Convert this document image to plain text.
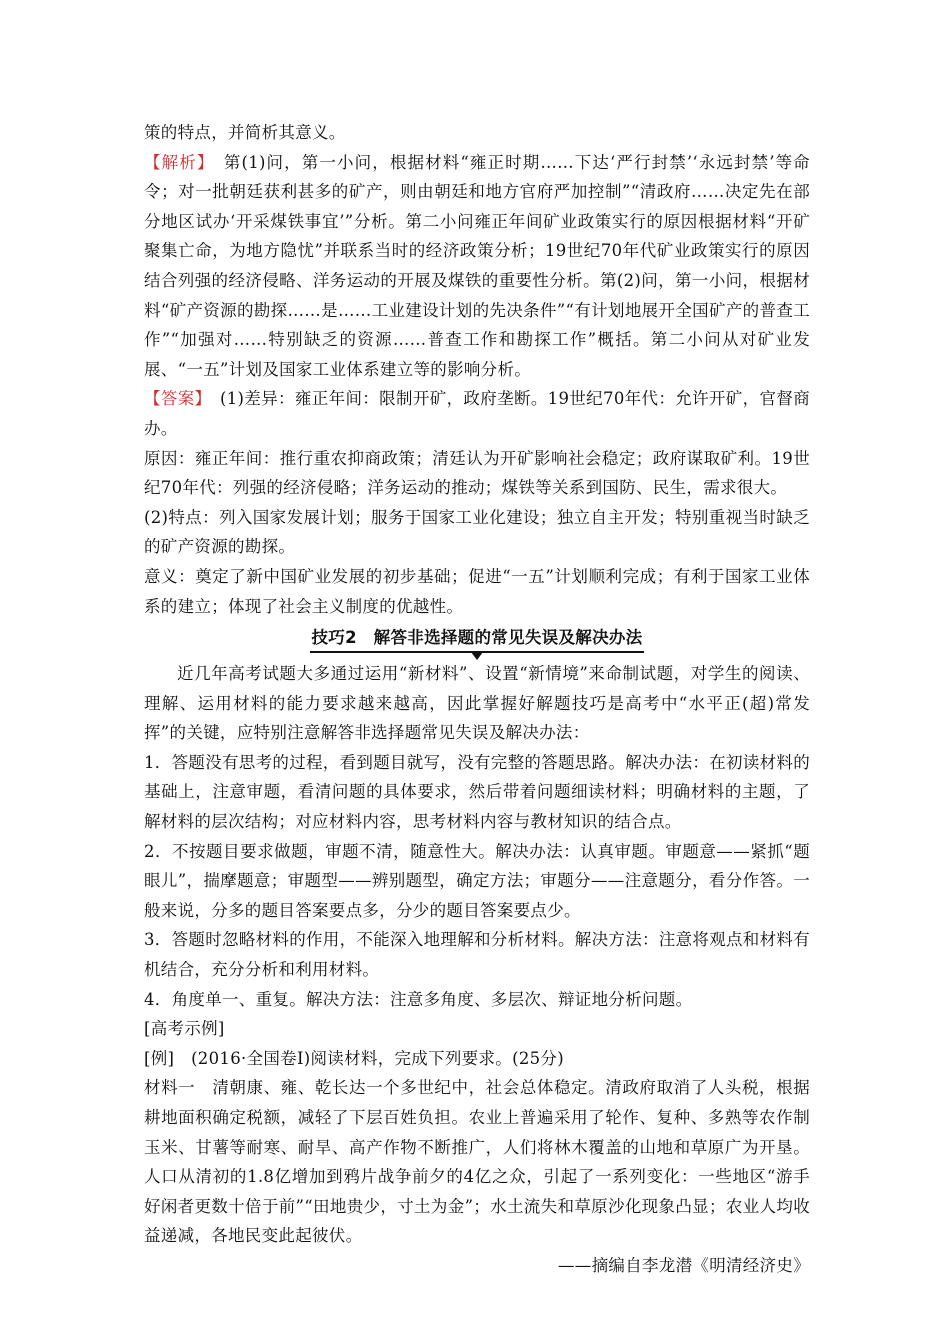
策的特点，并简析其意义。

【解析】　第(1)问，第一小问，根据材料“雍正时期……下达‘严行封禁’‘永远封禁’等命令；对一批朝廷获利甚多的矿产，则由朝廷和地方官府严加控制”“清政府……决定先在部分地区试办‘开采煤铁事宜’”分析。第二小问雍正年间矿业政策实行的原因根据材料“开矿聚集亡命，为地方隐忧”并联系当时的经济政策分析；19世纪70年代矿业政策实行的原因结合列强的经济侵略、洋务运动的开展及煤铁的重要性分析。第(2)问，第一小问，根据材料“矿产资源的勘探……是……工业建设计划的先决条件”“有计划地展开全国矿产的普查工作”“加强对……特别缺乏的资源……普查工作和勘探工作”概括。第二小问从对矿业发展、“一五”计划及国家工业体系建立等的影响分析。

【答案】　(1)差异：雍正年间：限制开矿，政府垄断。19世纪70年代：允许开矿，官督商办。

原因：雍正年间：推行重农抑商政策；清廷认为开矿影响社会稳定；政府谋取矿利。19世纪70年代：列强的经济侵略；洋务运动的推动；煤铁等关系到国防、民生，需求很大。

(2)特点：列入国家发展计划；服务于国家工业化建设；独立自主开发；特别重视当时缺乏的矿产资源的勘探。

意义：奠定了新中国矿业发展的初步基础；促进“一五”计划顺利完成；有利于国家工业体系的建立；体现了社会主义制度的优越性。

技巧2　解答非选择题的常见失误及解决办法

近几年高考试题大多通过运用“新材料”、设置“新情境”来命制试题，对学生的阅读、理解、运用材料的能力要求越来越高，因此掌握好解题技巧是高考中“水平正(超)常发挥”的关键，应特别注意解答非选择题常见失误及解决办法：

1．答题没有思考的过程，看到题目就写，没有完整的答题思路。解决办法：在初读材料的基础上，注意审题，看清问题的具体要求，然后带着问题细读材料；明确材料的主题，了解材料的层次结构；对应材料内容，思考材料内容与教材知识的结合点。

2．不按题目要求做题，审题不清，随意性大。解决办法：认真审题。审题意——紧抓“题眼儿”，揣摩题意；审题型——辨别题型，确定方法；审题分——注意题分，看分作答。一般来说，分多的题目答案要点多，分少的题目答案要点少。

3．答题时忽略材料的作用，不能深入地理解和分析材料。解决方法：注意将观点和材料有机结合，充分分析和利用材料。

4．角度单一、重复。解决方法：注意多角度、多层次、辩证地分析问题。

[高考示例]

[例]　(2016·全国卷Ⅰ)阅读材料，完成下列要求。(25分)

材料一　清朝康、雍、乾长达一个多世纪中，社会总体稳定。清政府取消了人头税，根据耕地面积确定税额，减轻了下层百姓负担。农业上普遍采用了轮作、复种、多熟等农作制玉米、甘薯等耐寒、耐旱、高产作物不断推广，人们将林木覆盖的山地和草原广为开垦。人口从清初的1.8亿增加到鸦片战争前夕的4亿之众，引起了一系列变化：一些地区“游手好闲者更数十倍于前”“田地贵少，寸土为金”；水土流失和草原沙化现象凸显；农业人均收益递减，各地民变此起彼伏。

——摘编自李龙潜《明清经济史》
